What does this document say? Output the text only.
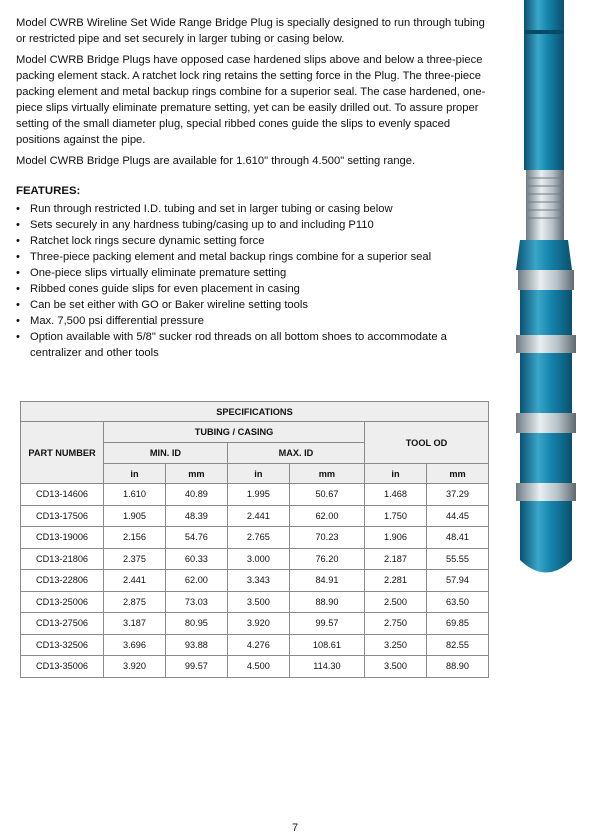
Model CWRB Wireline Set Wide Range Bridge Plug is specially designed to run through tubing or restricted pipe and set securely in larger tubing or casing below.

Model CWRB Bridge Plugs have opposed case hardened slips above and below a three-piece packing element stack. A ratchet lock ring retains the setting force in the Plug. The three-piece packing element and metal backup rings combine for a superior seal. The case hardened, one-piece slips virtually eliminate premature setting, yet can be easily drilled out. To assure proper setting of the small diameter plug, special ribbed cones guide the slips to evenly spaced positions against the pipe.

Model CWRB Bridge Plugs are available for 1.610" through 4.500" setting range.

FEATURES:
• Run through restricted I.D. tubing and set in larger tubing or casing below
• Sets securely in any hardness tubing/casing up to and including P110
• Ratchet lock rings secure dynamic setting force
• Three-piece packing element and metal backup rings combine for a superior seal
• One-piece slips virtually eliminate premature setting
• Ribbed cones guide slips for even placement in casing
• Can be set either with GO or Baker wireline setting tools
• Max. 7,500 psi differential pressure
• Option available with 5/8" sucker rod threads on all bottom shoes to accommodate a centralizer and other tools
SPECIFICATIONS						
PART NUMBER	TUBING / CASING				TOOL OD	
	MIN. ID		MAX. ID			
	in	mm	in	mm	in	mm
CD13-14606	1.610	40.89	1.995	50.67	1.468	37.29
CD13-17506	1.905	48.39	2.441	62.00	1.750	44.45
CD13-19006	2.156	54.76	2.765	70.23	1.906	48.41
CD13-21806	2.375	60.33	3.000	76.20	2.187	55.55
CD13-22806	2.441	62.00	3.343	84.91	2.281	57.94
CD13-25006	2.875	73.03	3.500	88.90	2.500	63.50
CD13-27506	3.187	80.95	3.920	99.57	2.750	69.85
CD13-32506	3.696	93.88	4.276	108.61	3.250	82.55
CD13-35006	3.920	99.57	4.500	114.30	3.500	88.90
7
